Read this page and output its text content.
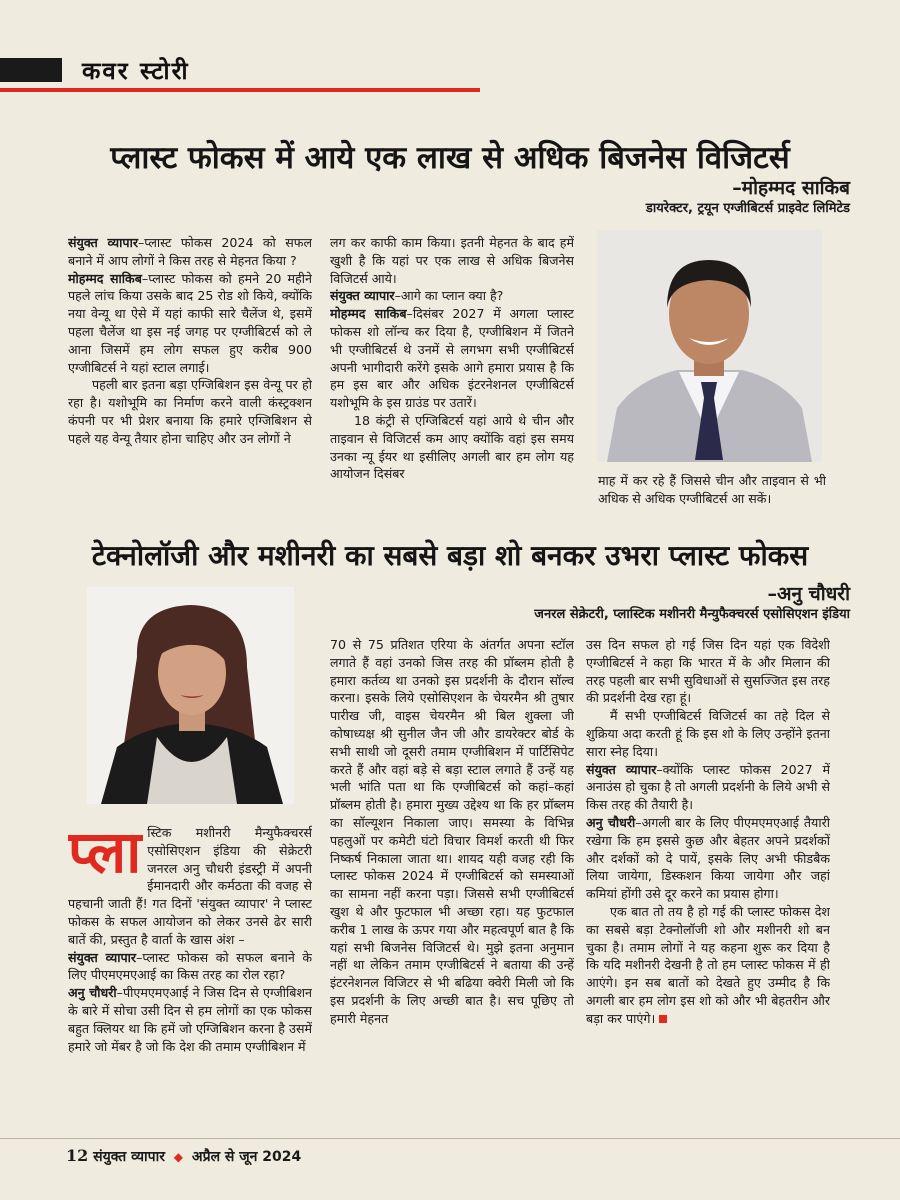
कवर स्टोरी
प्लास्ट फोकस में आये एक लाख से अधिक बिजनेस विजिटर्स
–मोहम्मद साकिब
डायरेक्टर, ट्रयून एग्जीबिटर्स प्राइवेट लिमिटेड

संयुक्त व्यापार–प्लास्ट फोकस 2024 को सफल बनाने में आप लोगों ने किस तरह से मेहनत किया ?

मोहम्मद साकिब–प्लास्ट फोकस को हमने 20 महीने पहले लांच किया उसके बाद 25 रोड शो किये, क्योंकि नया वेन्यू था ऐसे में यहां काफी सारे चैलेंज थे, इसमें पहला चैलेंज था इस नई जगह पर एग्जीबिटर्स को ले आना जिसमें हम लोग सफल हुए करीब 900 एग्जीबिटर्स ने यहां स्टाल लगाई।

पहली बार इतना बड़ा एग्जिबिशन इस वेन्यू पर हो रहा है। यशोभूमि का निर्माण करने वाली कंस्ट्रक्शन कंपनी पर भी प्रेशर बनाया कि हमारे एग्जिबिशन से पहले यह वेन्यू तैयार होना चाहिए और उन लोगों ने

लग कर काफी काम किया। इतनी मेहनत के बाद हमें खुशी है कि यहां पर एक लाख से अधिक बिजनेस विजिटर्स आये।

संयुक्त व्यापार–आगे का प्लान क्या है?

मोहम्मद साकिब–दिसंबर 2027 में अगला प्लास्ट फोकस शो लॉन्च कर दिया है, एग्जीबिशन में जितने भी एग्जीबिटर्स थे उनमें से लगभग सभी एग्जीबिटर्स अपनी भागीदारी करेंगे इसके आगे हमारा प्रयास है कि हम इस बार और अधिक इंटरनेशनल एग्जीबिटर्स यशोभूमि के इस ग्राउंड पर उतारें।

18 कंट्री से एग्जिबिटर्स यहां आये थे चीन और ताइवान से विजिटर्स कम आए क्योंकि वहां इस समय उनका न्यू ईयर था इसीलिए अगली बार हम लोग यह आयोजन दिसंबर	माह में कर रहे हैं जिससे चीन और ताइवान से भी अधिक से अधिक एग्जीबिटर्स आ सकें।
टेक्नोलॉजी और मशीनरी का सबसे बड़ा शो बनकर उभरा प्लास्ट फोकस
–अनु चौधरी
जनरल सेक्रेटरी, प्लास्टिक मशीनरी मैन्युफैक्चरर्स एसोसिएशन इंडिया

प्ला स्टिक मशीनरी मैन्युफैक्चरर्स एसोसिएशन इंडिया की सेक्रेटरी जनरल अनु चौधरी इंडस्ट्री में अपनी ईमानदारी और कर्मठता की वजह से पहचानी जाती हैं! गत दिनों 'संयुक्त व्यापार' ने प्लास्ट फोकस के सफल आयोजन को लेकर उनसे ढेर सारी बातें की, प्रस्तुत है वार्ता के खास अंश –

संयुक्त व्यापार–प्लास्ट फोकस को सफल बनाने के लिए पीएमएमएआई का किस तरह का रोल रहा?

अनु चौधरी–पीएमएमएआई ने जिस दिन से एग्जीबिशन के बारे में सोचा उसी दिन से हम लोगों का एक फोकस बहुत क्लियर था कि हमें जो एग्जिबिशन करना है उसमें हमारे जो मेंबर है जो कि देश की तमाम एग्जीबिशन में

70 से 75 प्रतिशत एरिया के अंतर्गत अपना स्टॉल लगाते हैं वहां उनको जिस तरह की प्रॉब्लम होती है हमारा कर्तव्य था उनको इस प्रदर्शनी के दौरान सॉल्व करना। इसके लिये एसोसिएशन के चेयरमैन श्री तुषार पारीख जी, वाइस चेयरमैन श्री बिल शुक्ला जी कोषाध्यक्ष श्री सुनील जैन जी और डायरेक्टर बोर्ड के सभी साथी जो दूसरी तमाम एग्जीबिशन में पार्टिसिपेट करते हैं और वहां बड़े से बड़ा स्टाल लगाते हैं उन्हें यह भली भांति पता था कि एग्जीबिटर्स को कहां–कहां प्रॉब्लम होती है। हमारा मुख्य उद्देश्य था कि हर प्रॉब्लम का सॉल्यूशन निकाला जाए। समस्या के विभिन्न पहलुओं पर कमेटी घंटो विचार विमर्श करती थी फिर निष्कर्ष निकाला जाता था। शायद यही वजह रही कि प्लास्ट फोकस 2024 में एग्जीबिटर्स को समस्याओं का सामना नहीं करना पड़ा। जिससे सभी एग्जीबिटर्स खुश थे और फुटफाल भी अच्छा रहा। यह फुटफाल करीब 1 लाख के ऊपर गया और महत्वपूर्ण बात है कि यहां सभी बिजनेस विजिटर्स थे। मुझे इतना अनुमान नहीं था लेकिन तमाम एग्जीबिटर्स ने बताया की उन्हें इंटरनेशनल विजिटर से भी बढिया क्वेरी मिली जो कि इस प्रदर्शनी के लिए अच्छी बात है। सच पूछिए तो हमारी मेहनत

उस दिन सफल हो गई जिस दिन यहां एक विदेशी एग्जीबिटर्स ने कहा कि भारत में के और मिलान की तरह पहली बार सभी सुविधाओं से सुसज्जित इस तरह की प्रदर्शनी देख रहा हूं।

मैं सभी एग्जीबिटर्स विजिटर्स का तहे दिल से शुक्रिया अदा करती हूं कि इस शो के लिए उन्होंने इतना सारा स्नेह दिया।

संयुक्त व्यापार–क्योंकि प्लास्ट फोकस 2027 में अनाउंस हो चुका है तो अगली प्रदर्शनी के लिये अभी से किस तरह की तैयारी है।

अनु चौधरी–अगली बार के लिए पीएमएमएआई तैयारी रखेगा कि हम इससे कुछ और बेहतर अपने प्रदर्शकों और दर्शकों को दे पायें, इसके लिए अभी फीडबैक लिया जायेगा, डिस्कशन किया जायेगा और जहां कमियां होंगी उसे दूर करने का प्रयास होगा।

एक बात तो तय है हो गई की प्लास्ट फोकस देश का सबसे बड़ा टेक्नोलॉजी शो और मशीनरी शो बन चुका है। तमाम लोगों ने यह कहना शुरू कर दिया है कि यदि मशीनरी देखनी है तो हम प्लास्ट फोकस में ही आएंगे। इन सब बातों को देखते हुए उम्मीद है कि अगली बार हम लोग इस शो को और भी बेहतरीन और बड़ा कर पाएंगे।

12 संयुक्त व्यापार ◆ अप्रैल से जून 2024
